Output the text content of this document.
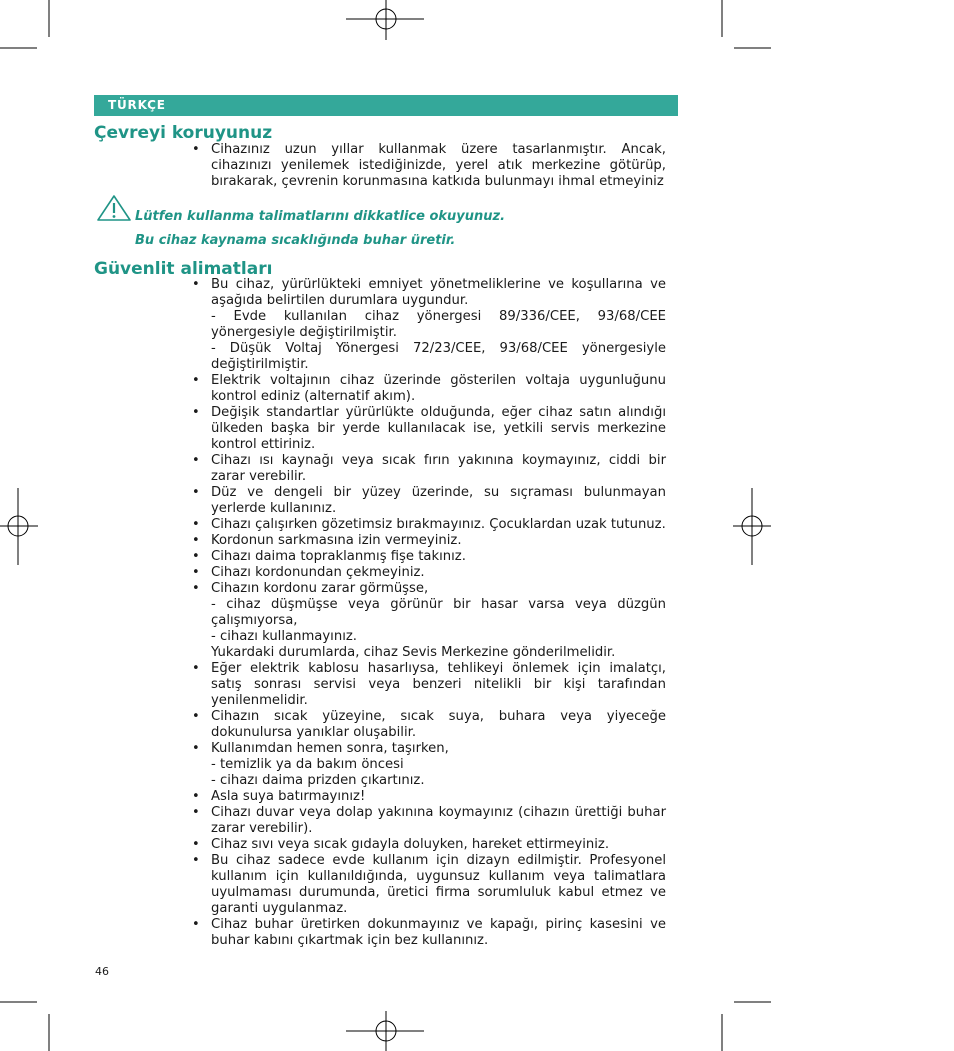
TÜRKÇE
Çevreyi koruyunuz
• Cihazınız uzun yıllar kullanmak üzere tasarlanmıştır. Ancak, cihazınızı yenilemek istediğinizde, yerel atık merkezine götürüp, bırakarak, çevrenin korunmasına katkıda bulunmayı ihmal etmeyiniz

Lütfen kullanma talimatlarını dikkatlice okuyunuz.

Bu cihaz kaynama sıcaklığında buhar üretir.

Güvenlit alimatları
• Bu cihaz, yürürlükteki emniyet yönetmeliklerine ve koşullarına ve aşağıda belirtilen durumlara uygundur.
- Evde kullanılan cihaz yönergesi 89/336/CEE, 93/68/CEE yönergesiyle değiştirilmiştir.
- Düşük Voltaj Yönergesi 72/23/CEE, 93/68/CEE yönergesiyle değiştirilmiştir.
• Elektrik voltajının cihaz üzerinde gösterilen voltaja uygunluğunu kontrol ediniz (alternatif akım).
• Değişik standartlar yürürlükte olduğunda, eğer cihaz satın alındığı ülkeden başka bir yerde kullanılacak ise, yetkili servis merkezine kontrol ettiriniz.
• Cihazı ısı kaynağı veya sıcak fırın yakınına koymayınız, ciddi bir zarar verebilir.
• Düz ve dengeli bir yüzey üzerinde, su sıçraması bulunmayan yerlerde kullanınız.
• Cihazı çalışırken gözetimsiz bırakmayınız. Çocuklardan uzak tutunuz.
• Kordonun sarkmasına izin vermeyiniz.
• Cihazı daima topraklanmış fişe takınız.
• Cihazı kordonundan çekmeyiniz.
• Cihazın kordonu zarar görmüşse,
- cihaz düşmüşse veya görünür bir hasar varsa veya düzgün çalışmıyorsa,
- cihazı kullanmayınız.
Yukardaki durumlarda, cihaz Sevis Merkezine gönderilmelidir.
• Eğer elektrik kablosu hasarlıysa, tehlikeyi önlemek için imalatçı, satış sonrası servisi veya benzeri nitelikli bir kişi tarafından yenilenmelidir.
• Cihazın sıcak yüzeyine, sıcak suya, buhara veya yiyeceğe dokunulursa yanıklar oluşabilir.
• Kullanımdan hemen sonra, taşırken,
- temizlik ya da bakım öncesi
- cihazı daima prizden çıkartınız.
• Asla suya batırmayınız!
• Cihazı duvar veya dolap yakınına koymayınız (cihazın ürettiği buhar zarar verebilir).
• Cihaz sıvı veya sıcak gıdayla doluyken, hareket ettirmeyiniz.
• Bu cihaz sadece evde kullanım için dizayn edilmiştir. Profesyonel kullanım için kullanıldığında, uygunsuz kullanım veya talimatlara uyulmaması durumunda, üretici firma sorumluluk kabul etmez ve garanti uygulanmaz.
• Cihaz buhar üretirken dokunmayınız ve kapağı, pirinç kasesini ve buhar kabını çıkartmak için bez kullanınız.
46
